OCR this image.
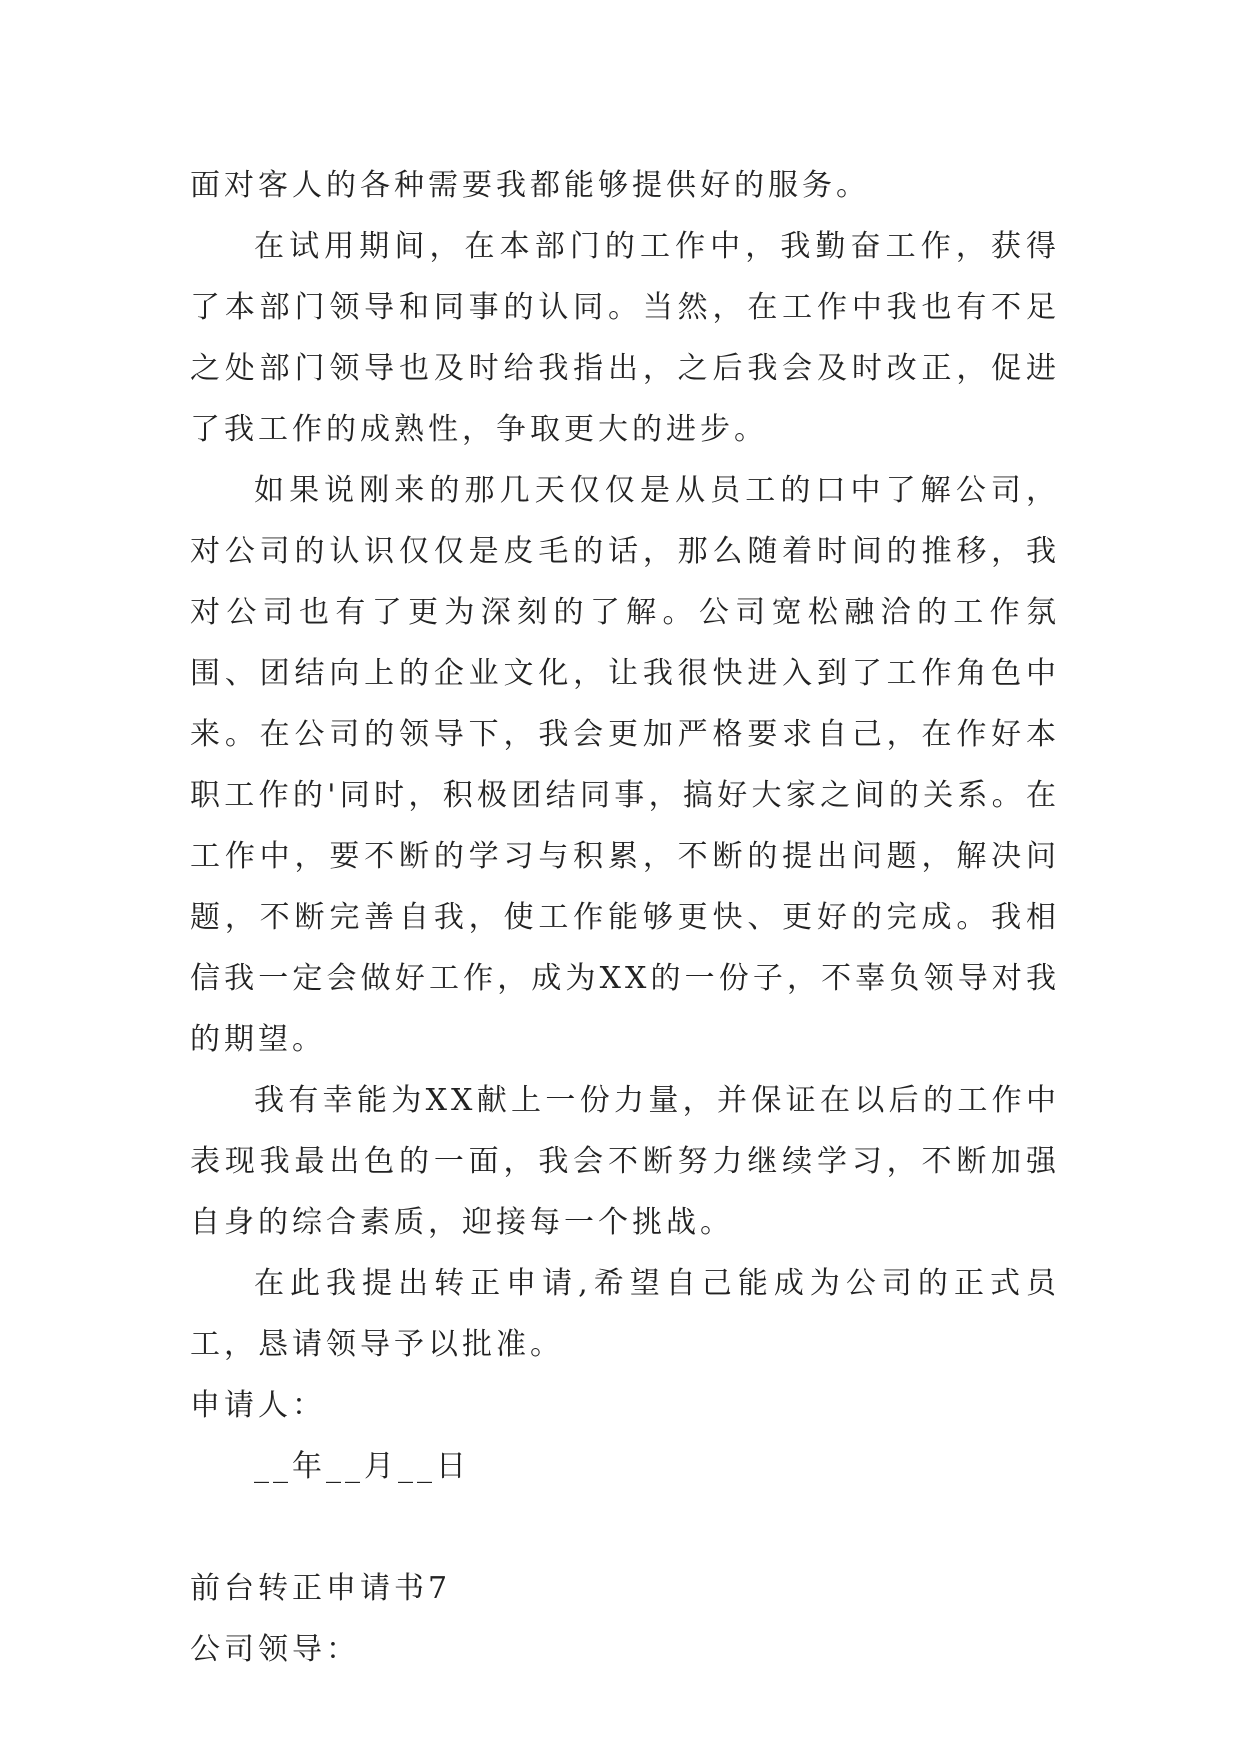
面对客人的各种需要我都能够提供好的服务。

在试用期间，在本部门的工作中，我勤奋工作，获得了本部门领导和同事的认同。当然，在工作中我也有不足之处部门领导也及时给我指出，之后我会及时改正，促进了我工作的成熟性，争取更大的进步。

如果说刚来的那几天仅仅是从员工的口中了解公司，对公司的认识仅仅是皮毛的话，那么随着时间的推移，我对公司也有了更为深刻的了解。公司宽松融洽的工作氛围、团结向上的企业文化，让我很快进入到了工作角色中来。在公司的领导下，我会更加严格要求自己，在作好本职工作的'同时，积极团结同事，搞好大家之间的关系。在工作中，要不断的学习与积累，不断的提出问题，解决问题，不断完善自我，使工作能够更快、更好的完成。我相信我一定会做好工作，成为XX的一份子，不辜负领导对我的期望。

我有幸能为XX献上一份力量，并保证在以后的工作中表现我最出色的一面，我会不断努力继续学习，不断加强自身的综合素质，迎接每一个挑战。

在此我提出转正申请,希望自己能成为公司的正式员工，恳请领导予以批准。

申请人：

__年__月__日

前台转正申请书7

公司领导：
